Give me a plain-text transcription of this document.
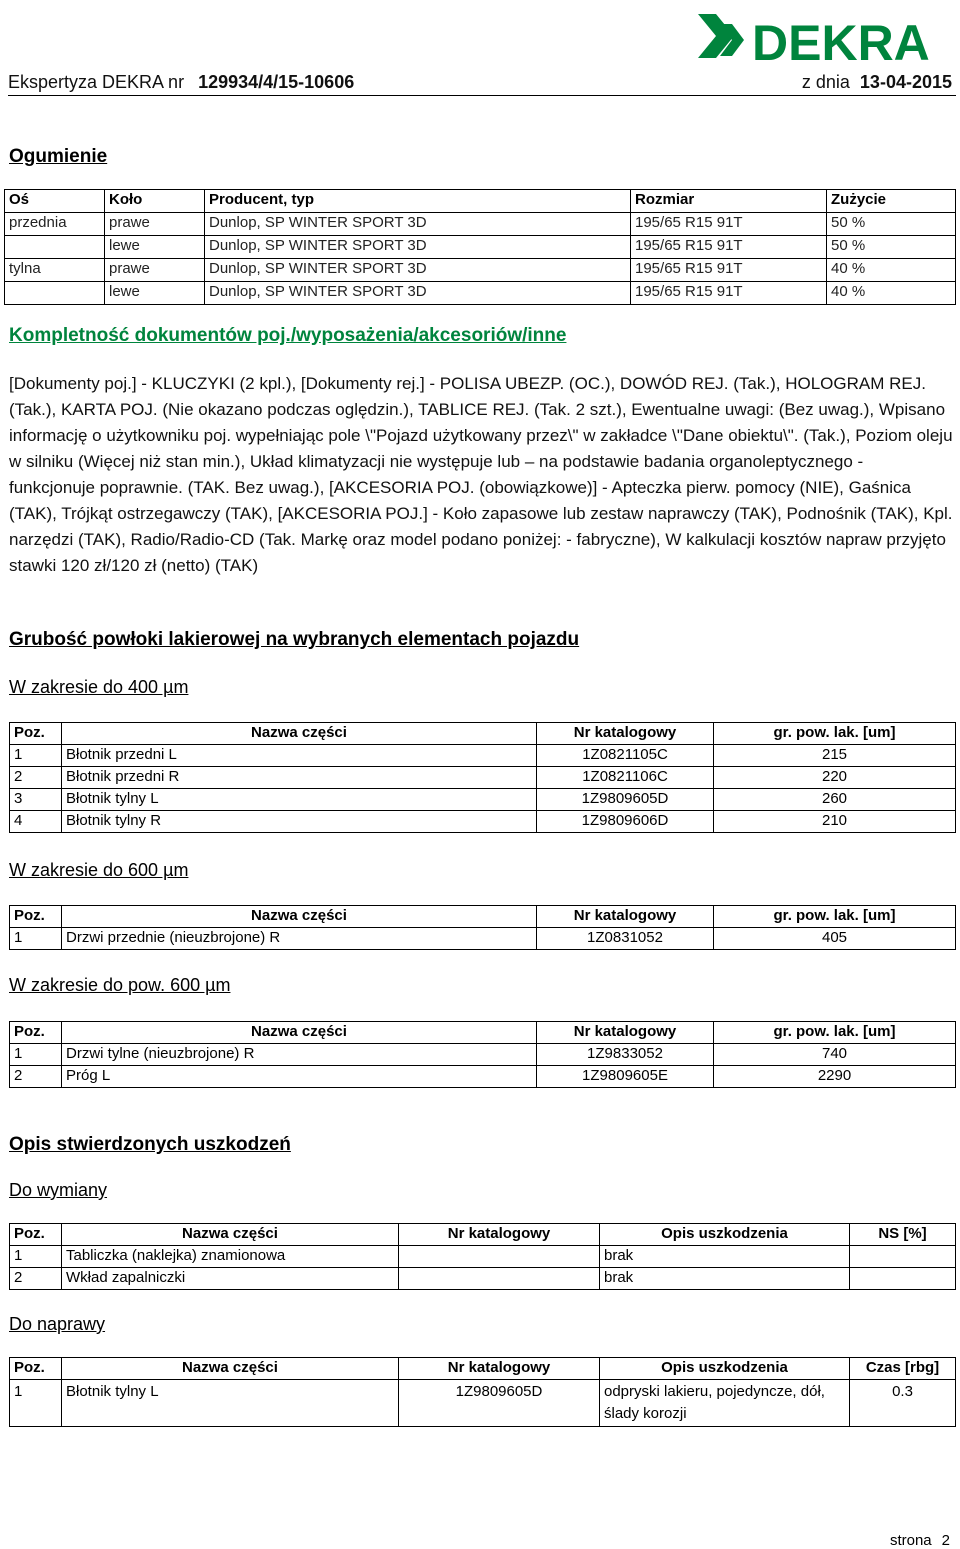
Ekspertyza DEKRA nr 129934/4/15-10606	z dnia 13-04-2015
DEKRA
Ogumienie
Oś	Koło	Producent, typ	Rozmiar	Zużycie
przednia	prawe	Dunlop, SP WINTER SPORT 3D	195/65 R15 91T	50 %
	lewe	Dunlop, SP WINTER SPORT 3D	195/65 R15 91T	50 %
tylna	prawe	Dunlop, SP WINTER SPORT 3D	195/65 R15 91T	40 %
	lewe	Dunlop, SP WINTER SPORT 3D	195/65 R15 91T	40 %
Kompletność dokumentów poj./wyposażenia/akcesoriów/inne
[Dokumenty poj.] - KLUCZYKI (2 kpl.), [Dokumenty rej.] - POLISA UBEZP. (OC.), DOWÓD REJ. (Tak.), HOLOGRAM REJ. (Tak.), KARTA POJ. (Nie okazano podczas oględzin.), TABLICE REJ. (Tak. 2 szt.), Ewentualne uwagi: (Bez uwag.), Wpisano informację o użytkowniku poj. wypełniając pole \"Pojazd użytkowany przez\" w zakładce \"Dane obiektu\". (Tak.), Poziom oleju w silniku (Więcej niż stan min.), Układ klimatyzacji nie występuje lub – na podstawie badania organoleptycznego - funkcjonuje poprawnie. (TAK. Bez uwag.), [AKCESORIA POJ. (obowiązkowe)] - Apteczka pierw. pomocy (NIE), Gaśnica (TAK), Trójkąt ostrzegawczy (TAK), [AKCESORIA POJ.] - Koło zapasowe lub zestaw naprawczy (TAK), Podnośnik (TAK), Kpl. narzędzi (TAK), Radio/Radio-CD (Tak. Markę oraz model podano poniżej: - fabryczne), W kalkulacji kosztów napraw przyjęto stawki 120 zł/120 zł (netto) (TAK)
Grubość powłoki lakierowej na wybranych elementach pojazdu
W zakresie do 400 µm
Poz.	Nazwa części	Nr katalogowy	gr. pow. lak. [um]
1	Błotnik przedni L	1Z0821105C	215
2	Błotnik przedni R	1Z0821106C	220
3	Błotnik tylny L	1Z9809605D	260
4	Błotnik tylny R	1Z9809606D	210
W zakresie do 600 µm
Poz.	Nazwa części	Nr katalogowy	gr. pow. lak. [um]
1	Drzwi przednie (nieuzbrojone) R	1Z0831052	405
W zakresie do pow. 600 µm
Poz.	Nazwa części	Nr katalogowy	gr. pow. lak. [um]
1	Drzwi tylne (nieuzbrojone) R	1Z9833052	740
2	Próg L	1Z9809605E	2290
Opis stwierdzonych uszkodzeń
Do wymiany
Poz.	Nazwa części	Nr katalogowy	Opis uszkodzenia	NS [%]
1	Tabliczka (naklejka) znamionowa		brak	
2	Wkład zapalniczki		brak	
Do naprawy
Poz.	Nazwa części	Nr katalogowy	Opis uszkodzenia	Czas [rbg]
1	Błotnik tylny L	1Z9809605D	odpryski lakieru, pojedyncze, dół, ślady korozji	0.3
strona 2
